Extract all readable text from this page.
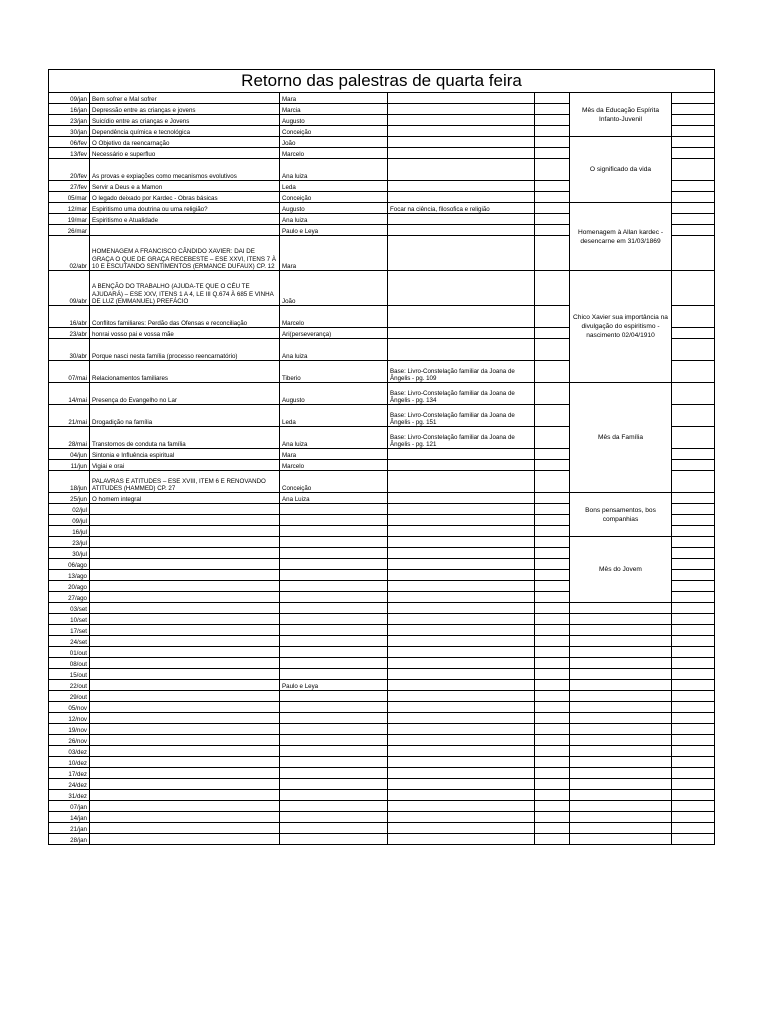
Retorno das palestras de quarta feira						
09/jan	Bem sofrer e Mal sofrer	Mara			Mês da Educação Espírita Infanto-Juvenil	
16/jan	Depressão entre as crianças e jovens	Marcia				
23/jan	Suicídio entre as crianças e Jovens	Augusto				
30/jan	Dependência química e tecnológica	Conceição				
06/fev	O Objetivo da reencarnação	João			O significado da vida	
13/fev	Necessário e superfluo	Marcelo				
20/fev	As provas e expiações como mecanismos evolutivos	Ana luiza				
27/fev	Servir a Deus e a Mamon	Leda				
05/mar	O legado deixado por Kardec - Obras básicas	Conceição				
12/mar	Espiritismo uma doutrina ou uma religião?	Augusto	Focar na ciência, filosofica e religião		Homenagem à Allan kardec - desencarne em 31/03/1869	
19/mar	Espiritismo e Atualidade	Ana luiza				
26/mar		Paulo e Leya				
02/abr	HOMENAGEM A FRANCISCO CÂNDIDO XAVIER: DAI DE GRAÇA O QUE DE GRAÇA RECEBESTE – ESE XXVI, ITENS 7 À 10 E ESCUTANDO SENTIMENTOS (ERMANCE DUFAUX) CP. 12	Mara				
09/abr	A BENÇÃO DO TRABALHO (AJUDA-TE QUE O CÉU TE AJUDARÁ) – ESE XXV, ITENS 1 A 4, LE III Q.674 À 685 E VINHA DE LUZ (EMMANUEL) PREFÁCIO	João			Chico Xavier sua importância na divulgação do espiritismo - nascimento 02/04/1910	
16/abr	Conflitos familiares: Perdão das Ofensas e reconciliação	Marcelo				
23/abr	honrai vosso pai e vossa mãe	Ari(perseverança)				
30/abr	Porque nasci nesta família (processo reencarnatório)	Ana luiza				
07/mai	Relacionamentos familiares	Tiberio	Base: Livro-Constelação familiar da Joana de Ângelis - pg. 109			
14/mai	Presença do Evangelho no Lar	Augusto	Base: Livro-Constelação familiar da Joana de Ângelis - pg. 134		Mês da Família	
21/mai	Drogadição na família	Leda	Base: Livro-Constelação familiar da Joana de Ângelis - pg. 151			
28/mai	Transtornos de conduta na família	Ana luiza	Base: Livro-Constelação familiar da Joana de Ângelis - pg. 121			
04/jun	Sintonia e Influência espiritual	Mara				
11/jun	Vigiai e orai	Marcelo				
18/jun	PALAVRAS E ATITUDES – ESE XVIII, ITEM 6 E RENOVANDO ATITUDES (HAMMED) CP. 27	Conceição				
25/jun	O homem integral	Ana Luiza			Bons pensamentos, bos companhias	
02/jul						
09/jul						
16/jul						
23/jul					Mês do Jovem	
30/jul						
06/ago						
13/ago						
20/ago						
27/ago						
03/set						
10/set						
17/set						
24/set						
01/out						
08/out						
15/out						
22/out		Paulo e Leya				
29/out						
05/nov						
12/nov						
19/nov						
26/nov						
03/dez						
10/dez						
17/dez						
24/dez						
31/dez						
07/jan						
14/jan						
21/jan						
28/jan						
